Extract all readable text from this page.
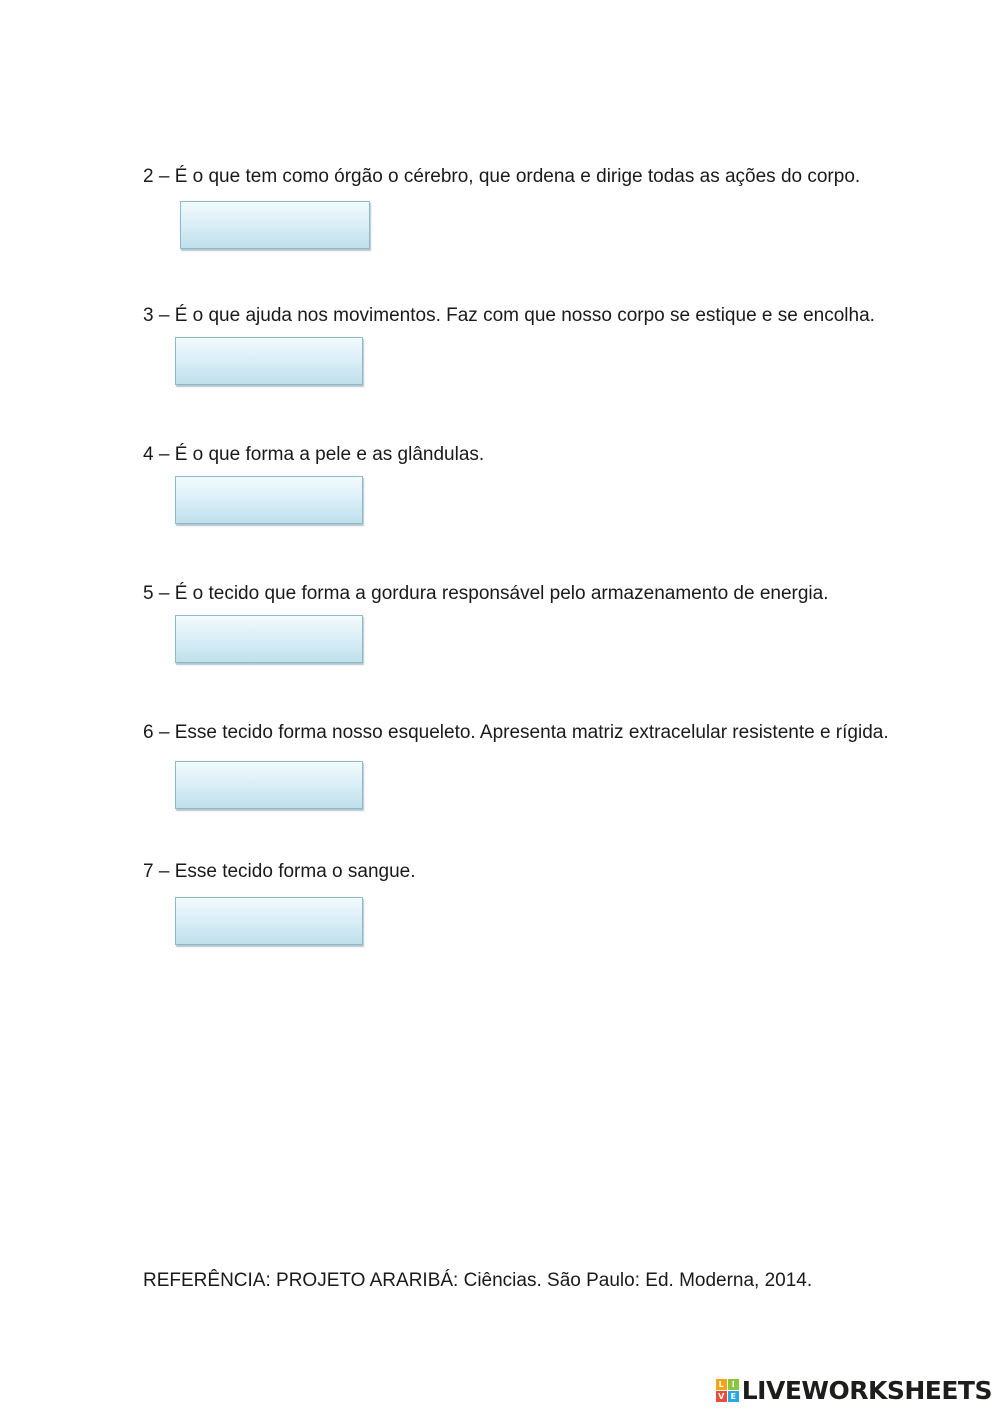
2 – É o que tem como órgão o cérebro, que ordena e dirige todas as ações do corpo.
3 – É o que ajuda nos movimentos. Faz com que nosso corpo se estique e se encolha.
4 – É o que forma a pele e as glândulas.
5 – É o tecido que forma a gordura responsável pelo armazenamento de energia.
6 – Esse tecido forma nosso esqueleto. Apresenta matriz extracelular resistente e rígida.
7 – Esse tecido forma o sangue.
REFERÊNCIA: PROJETO ARARIBÁ: Ciências. São Paulo: Ed. Moderna, 2014.
L I
V E LIVEWORKSHEETS
